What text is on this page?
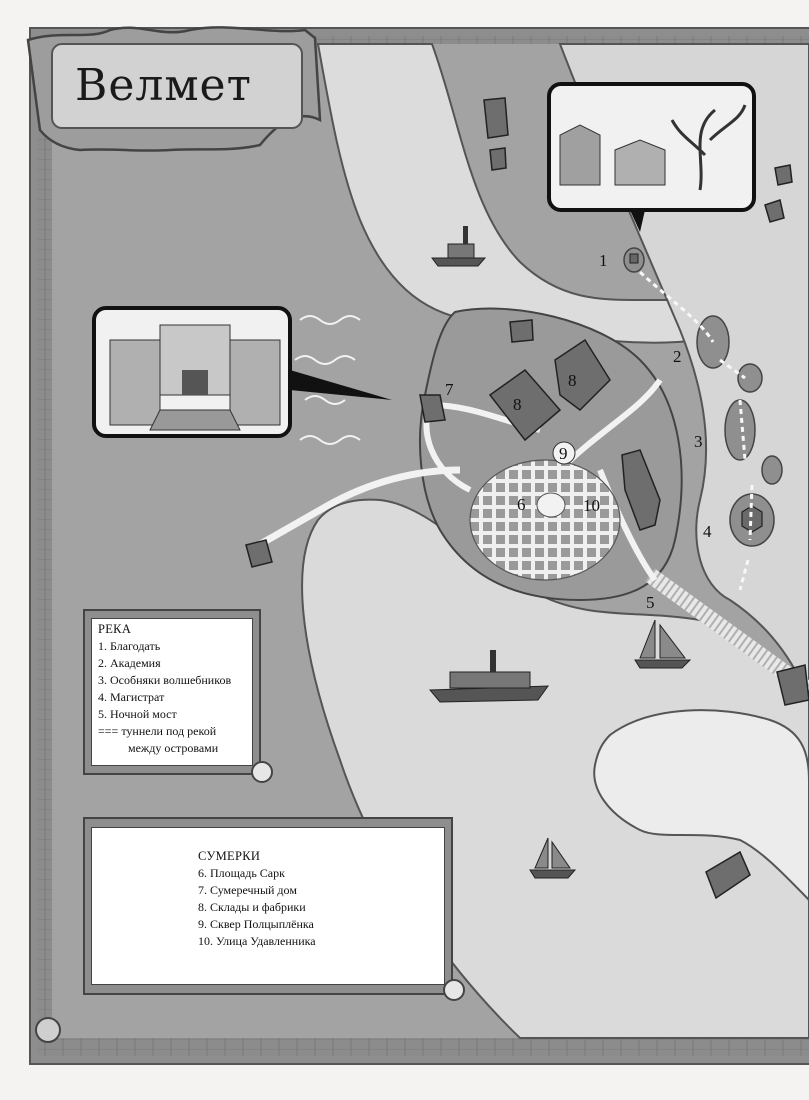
Велмет
1
2
3
4
5
6
7
8
8
9
10
РЕКА
1. Благодать
2. Академия
3. Особняки волшебников
4. Магистрат
5. Ночной мост
=== туннели под рекой
между островами
СУМЕРКИ
6. Площадь Сарк
7. Сумеречный дом
8. Склады и фабрики
9. Сквер Полцыплёнка
10. Улица Удавленника
